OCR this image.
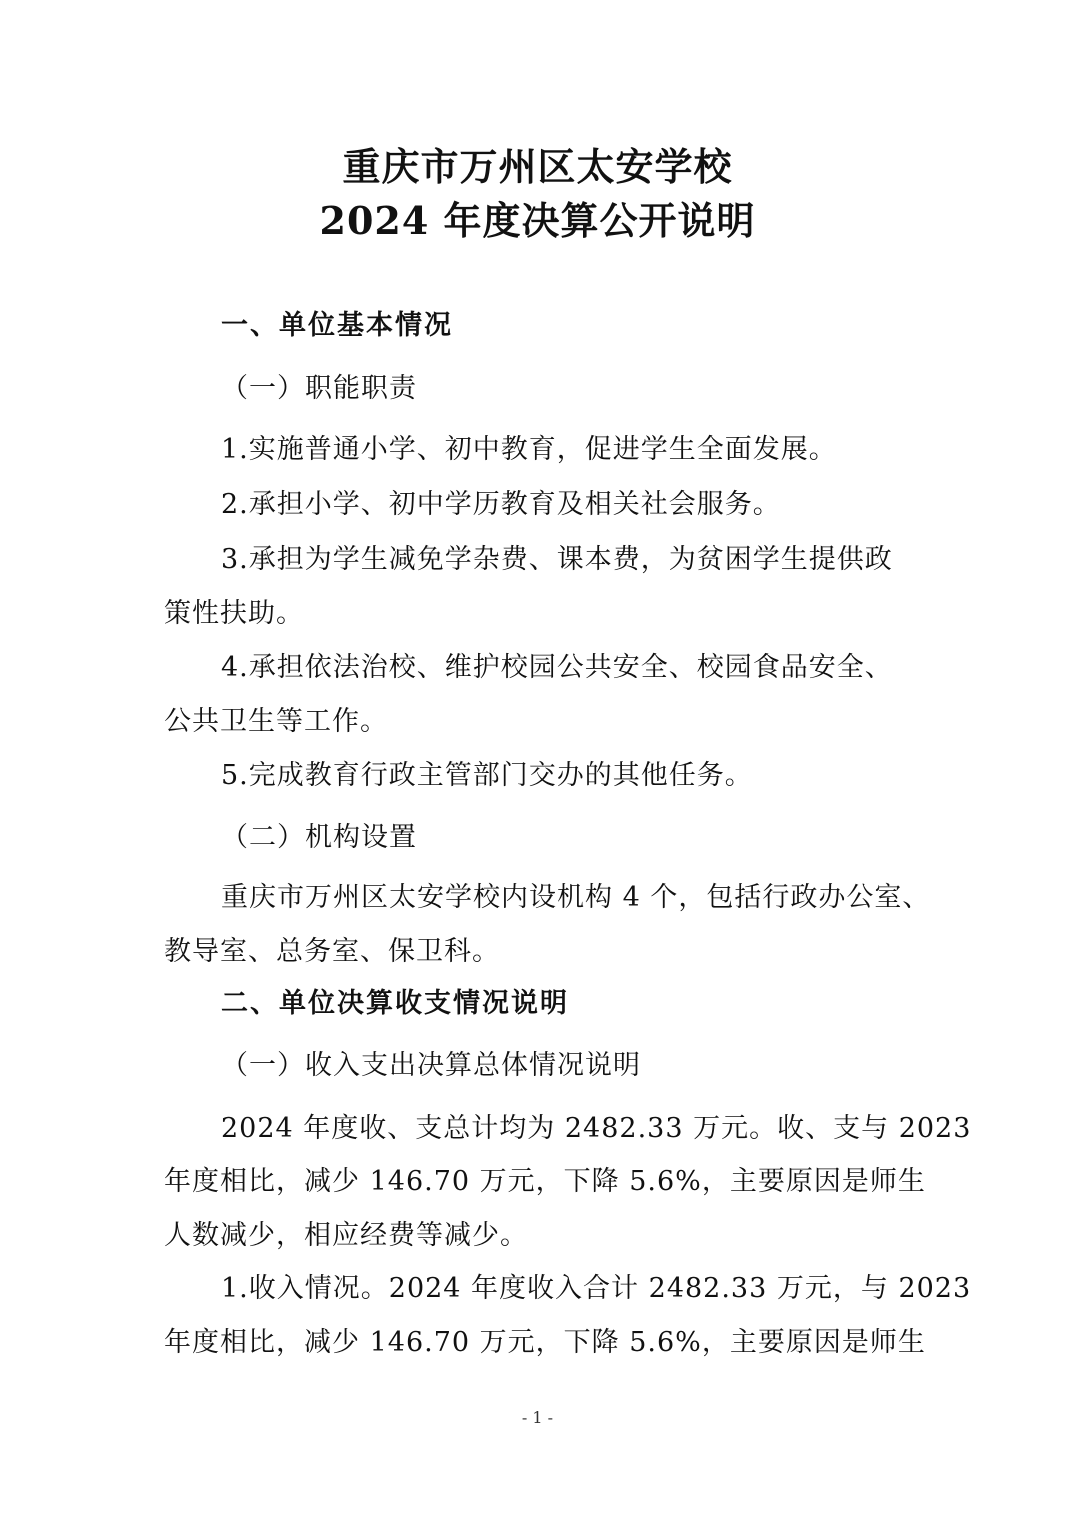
重庆市万州区太安学校
2024 年度决算公开说明
一、单位基本情况
（一）职能职责
1.实施普通小学、初中教育，促进学生全面发展。
2.承担小学、初中学历教育及相关社会服务。
3.承担为学生减免学杂费、课本费，为贫困学生提供政
策性扶助。
4.承担依法治校、维护校园公共安全、校园食品安全、
公共卫生等工作。
5.完成教育行政主管部门交办的其他任务。
（二）机构设置
重庆市万州区太安学校内设机构 4 个，包括行政办公室、
教导室、总务室、保卫科。
二、单位决算收支情况说明
（一）收入支出决算总体情况说明
2024 年度收、支总计均为 2482.33 万元。收、支与 2023
年度相比，减少 146.70 万元，下降 5.6%，主要原因是师生
人数减少，相应经费等减少。
1.收入情况。2024 年度收入合计 2482.33 万元，与 2023
年度相比，减少 146.70 万元，下降 5.6%，主要原因是师生
- 1 -
